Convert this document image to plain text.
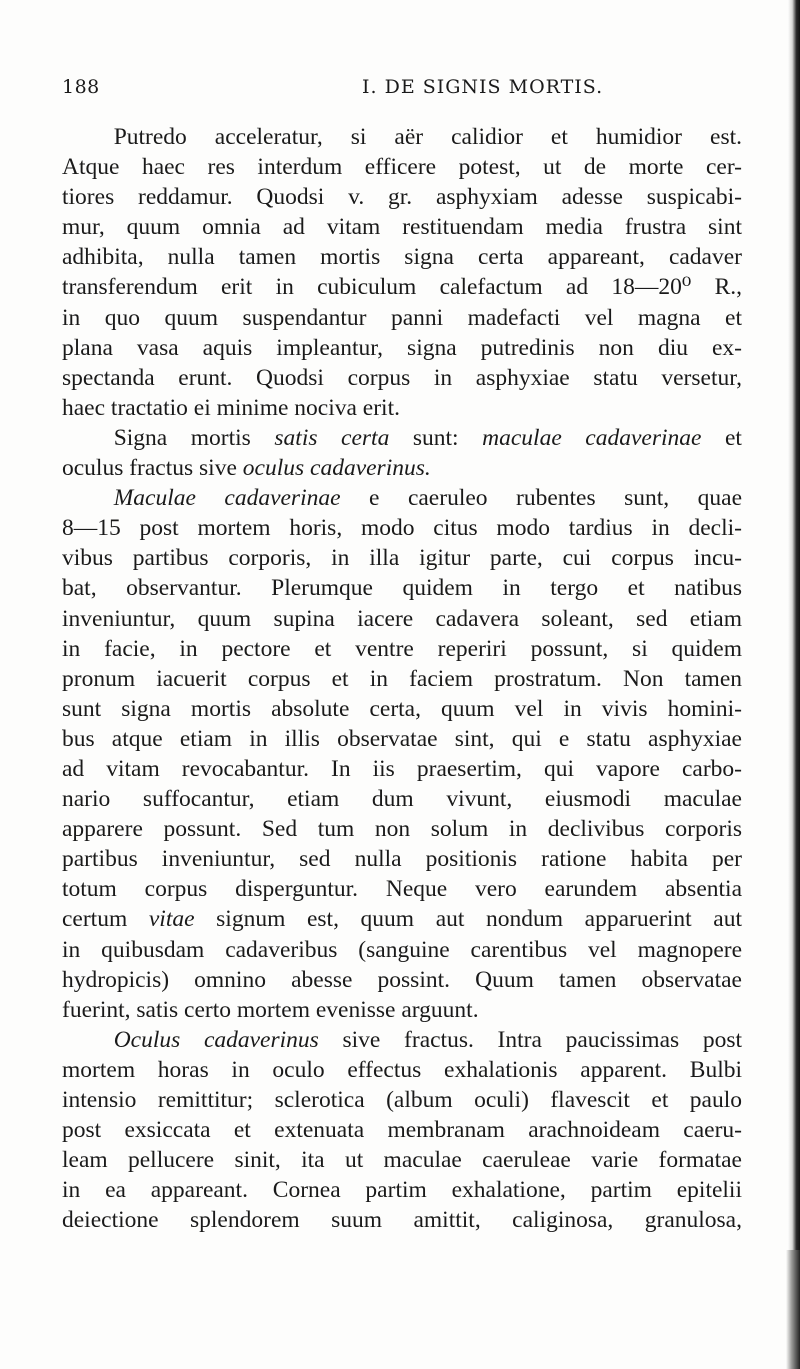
188	I. DE SIGNIS MORTIS.
Putredo acceleratur, si aër calidior et humidior est.
Atque haec res interdum efficere potest, ut de morte cer-
tiores reddamur. Quodsi v. gr. asphyxiam adesse suspicabi-
mur, quum omnia ad vitam restituendam media frustra sint
adhibita, nulla tamen mortis signa certa appareant, cadaver
transferendum erit in cubiculum calefactum ad 18—20⁰ R.,
in quo quum suspendantur panni madefacti vel magna et
plana vasa aquis impleantur, signa putredinis non diu ex-
spectanda erunt. Quodsi corpus in asphyxiae statu versetur,
haec tractatio ei minime nociva erit.
Signa mortis satis certa sunt: maculae cadaverinae et
oculus fractus sive oculus cadaverinus.
Maculae cadaverinae e caeruleo rubentes sunt, quae
8—15 post mortem horis, modo citus modo tardius in decli-
vibus partibus corporis, in illa igitur parte, cui corpus incu-
bat, observantur. Plerumque quidem in tergo et natibus
inveniuntur, quum supina iacere cadavera soleant, sed etiam
in facie, in pectore et ventre reperiri possunt, si quidem
pronum iacuerit corpus et in faciem prostratum. Non tamen
sunt signa mortis absolute certa, quum vel in vivis homini-
bus atque etiam in illis observatae sint, qui e statu asphyxiae
ad vitam revocabantur. In iis praesertim, qui vapore carbo-
nario suffocantur, etiam dum vivunt, eiusmodi maculae
apparere possunt. Sed tum non solum in declivibus corporis
partibus inveniuntur, sed nulla positionis ratione habita per
totum corpus disperguntur. Neque vero earundem absentia
certum vitae signum est, quum aut nondum apparuerint aut
in quibusdam cadaveribus (sanguine carentibus vel magnopere
hydropicis) omnino abesse possint. Quum tamen observatae
fuerint, satis certo mortem evenisse arguunt.
Oculus cadaverinus sive fractus. Intra paucissimas post
mortem horas in oculo effectus exhalationis apparent. Bulbi
intensio remittitur; sclerotica (album oculi) flavescit et paulo
post exsiccata et extenuata membranam arachnoideam caeru-
leam pellucere sinit, ita ut maculae caeruleae varie formatae
in ea appareant. Cornea partim exhalatione, partim epitelii
deiectione splendorem suum amittit, caliginosa, granulosa,
